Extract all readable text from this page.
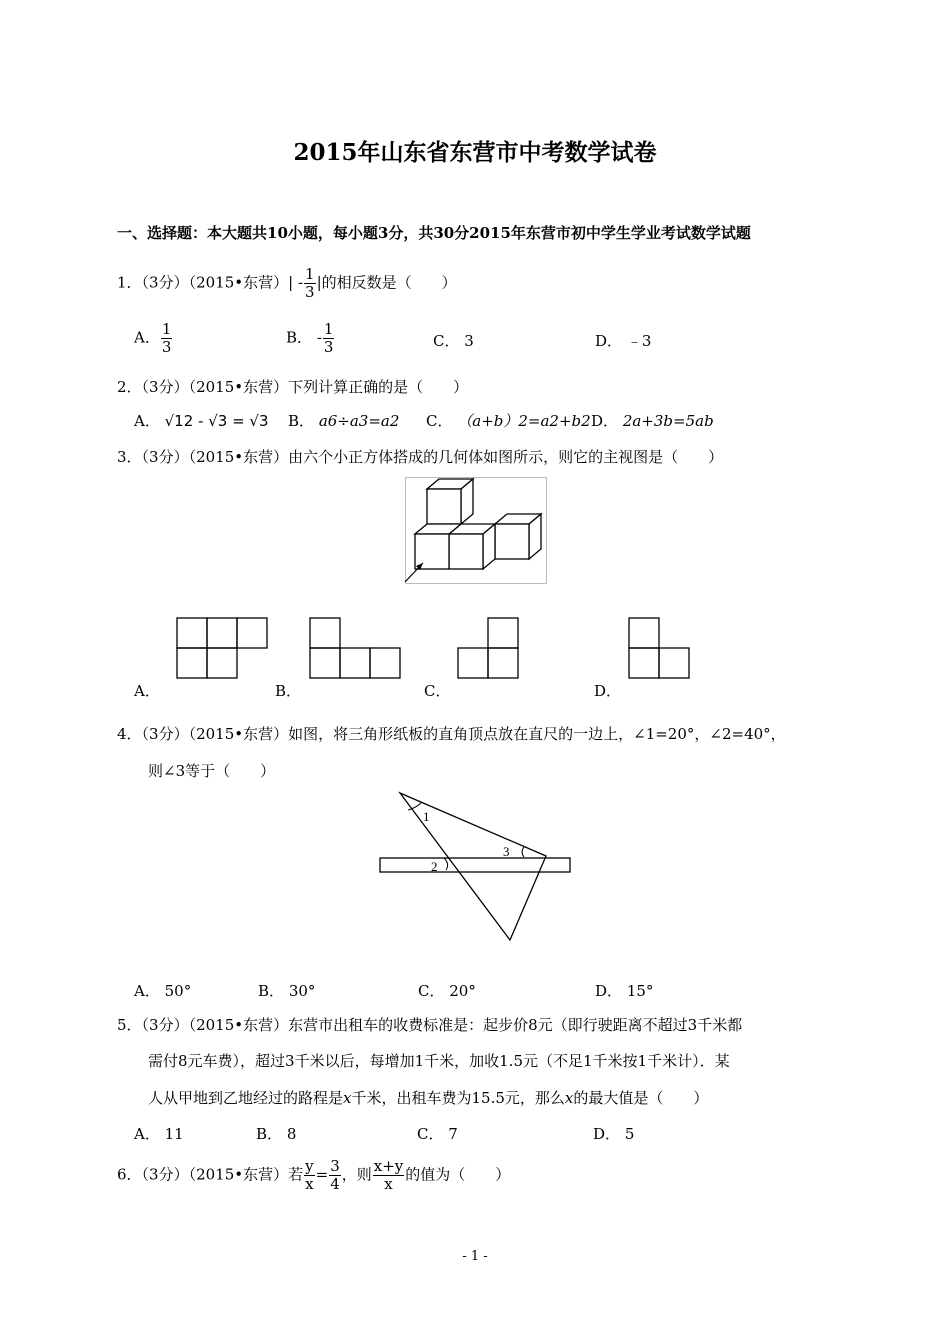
2015年山东省东营市中考数学试卷
一、选择题：本大题共10小题，每小题3分，共30分2015年东营市初中学生学业考试数学试题
1．（3分）（2015•东营）| - $\frac{1}{3}$ |的相反数是（　　）
A． $\frac{1}{3}$	B． - $\frac{1}{3}$	C． 3	D． ﹣3
2．（3分）（2015•东营）下列计算正确的是（　　）
A． √12 - √3 = √3 B． a6÷a3=a2 C． （a+b）2=a2+b2 D． 2a+3b=5ab
3．（3分）（2015•东营）由六个小正方体搭成的几何体如图所示，则它的主视图是（　　）
A．	B．	C．	D．
4．（3分）（2015•东营）如图，将三角形纸板的直角顶点放在直尺的一边上，∠1=20°，∠2=40°，
则∠3等于（　　）
1
2
3
A． 50°	B． 30°	C． 20°	D． 15°
5．（3分）（2015•东营）东营市出租车的收费标准是：起步价8元（即行驶距离不超过3千米都
需付8元车费），超过3千米以后，每增加1千米，加收1.5元（不足1千米按1千米计）．某
人从甲地到乙地经过的路程是x千米，出租车费为15.5元，那么x的最大值是（　　）
A． 11	B． 8	C． 7	D． 5
6．（3分）（2015•东营）若 $\frac{y}{x} = \frac{3}{4}$ ，则 $\frac{x+y}{x}$ 的值为（　　）
- 1 -
